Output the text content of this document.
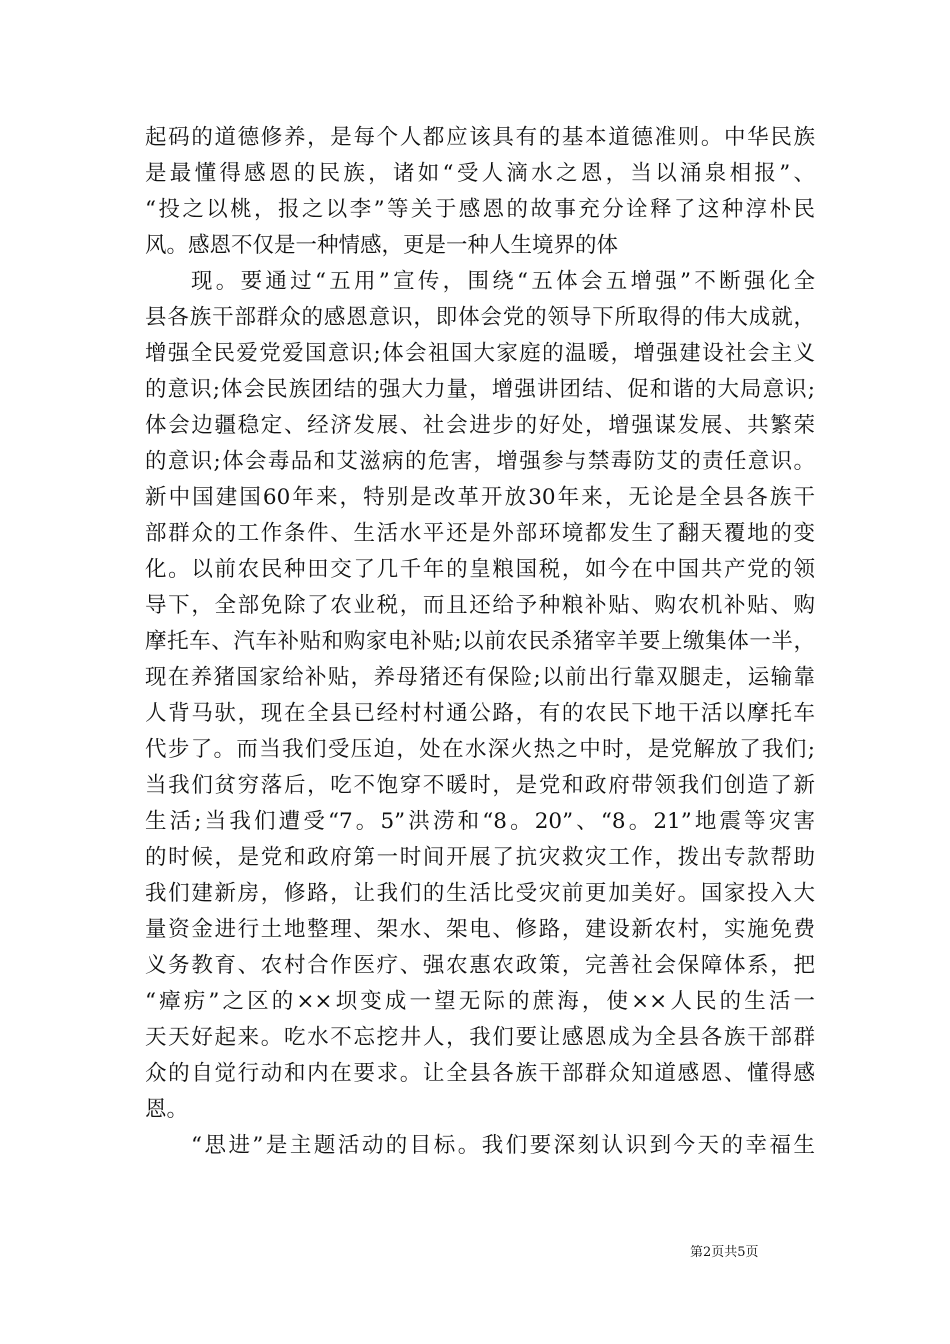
起码的道德修养，是每个人都应该具有的基本道德准则。中华民族
是最懂得感恩的民族，诸如“受人滴水之恩，当以涌泉相报”、
“投之以桃，报之以李”等关于感恩的故事充分诠释了这种淳朴民
风。感恩不仅是一种情感，更是一种人生境界的体
现。要通过“五用”宣传，围绕“五体会五增强”不断强化全
县各族干部群众的感恩意识，即体会党的领导下所取得的伟大成就，
增强全民爱党爱国意识;体会祖国大家庭的温暖，增强建设社会主义
的意识;体会民族团结的强大力量，增强讲团结、促和谐的大局意识;
体会边疆稳定、经济发展、社会进步的好处，增强谋发展、共繁荣
的意识;体会毒品和艾滋病的危害，增强参与禁毒防艾的责任意识。
新中国建国60年来，特别是改革开放30年来，无论是全县各族干
部群众的工作条件、生活水平还是外部环境都发生了翻天覆地的变
化。以前农民种田交了几千年的皇粮国税，如今在中国共产党的领
导下，全部免除了农业税，而且还给予种粮补贴、购农机补贴、购
摩托车、汽车补贴和购家电补贴;以前农民杀猪宰羊要上缴集体一半，
现在养猪国家给补贴，养母猪还有保险;以前出行靠双腿走，运输靠
人背马驮，现在全县已经村村通公路，有的农民下地干活以摩托车
代步了。而当我们受压迫，处在水深火热之中时，是党解放了我们;
当我们贫穷落后，吃不饱穿不暖时，是党和政府带领我们创造了新
生活;当我们遭受“7。5”洪涝和“8。20”、“8。21”地震等灾害
的时候，是党和政府第一时间开展了抗灾救灾工作，拨出专款帮助
我们建新房，修路，让我们的生活比受灾前更加美好。国家投入大
量资金进行土地整理、架水、架电、修路，建设新农村，实施免费
义务教育、农村合作医疗、强农惠农政策，完善社会保障体系，把
“瘴疠”之区的××坝变成一望无际的蔗海，使××人民的生活一
天天好起来。吃水不忘挖井人，我们要让感恩成为全县各族干部群
众的自觉行动和内在要求。让全县各族干部群众知道感恩、懂得感
恩。
“思进”是主题活动的目标。我们要深刻认识到今天的幸福生
第2页共5页
